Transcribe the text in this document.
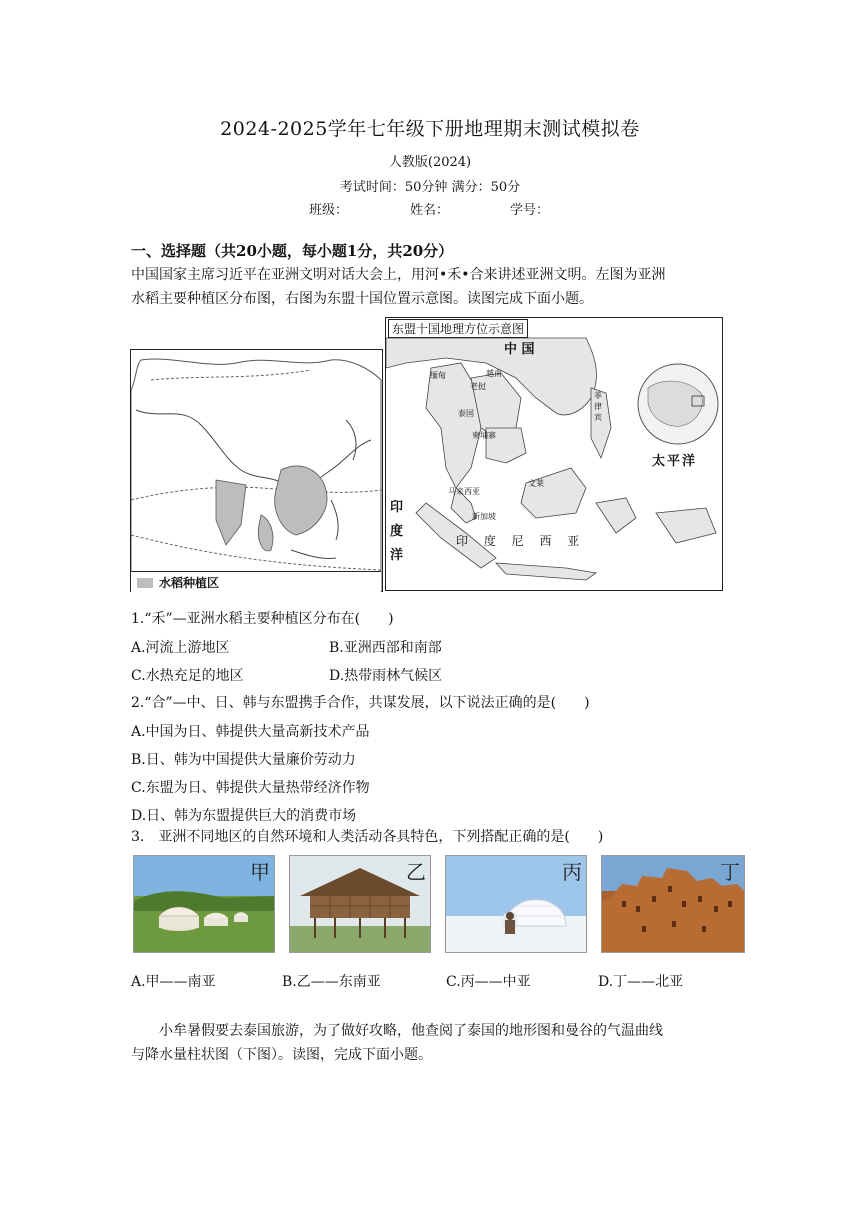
2024-2025学年七年级下册地理期末测试模拟卷
人教版(2024)
考试时间：50分钟 满分：50分
班级：	姓名：	学号：
一、选择题（共20小题，每小题1分，共20分）
中国国家主席习近平在亚洲文明对话大会上，用河•禾•合来讲述亚洲文明。左图为亚洲
水稻主要种植区分布图，右图为东盟十国位置示意图。读图完成下面小题。
水稻种植区
东盟十国地理方位示意图
中 国
缅甸
老挝
越南
泰国
柬埔寨
菲律宾
马来西亚
文莱
新加坡
印 度 尼 西 亚
印度洋
太平洋
1.“禾”—亚洲水稻主要种植区分布在(　　)
A.河流上游地区	B.亚洲西部和南部
C.水热充足的地区	D.热带雨林气候区
2.“合”—中、日、韩与东盟携手合作，共谋发展，以下说法正确的是(　　)
A.中国为日、韩提供大量高新技术产品
B.日、韩为中国提供大量廉价劳动力
C.东盟为日、韩提供大量热带经济作物
D.日、韩为东盟提供巨大的消费市场
3.　亚洲不同地区的自然环境和人类活动各具特色，下列搭配正确的是(　　)
甲	乙	丙	丁
A.甲——南亚	B.乙——东南亚	C.丙——中亚	D.丁——北亚
小牟暑假要去泰国旅游，为了做好攻略，他查阅了泰国的地形图和曼谷的气温曲线
与降水量柱状图（下图）。读图，完成下面小题。
